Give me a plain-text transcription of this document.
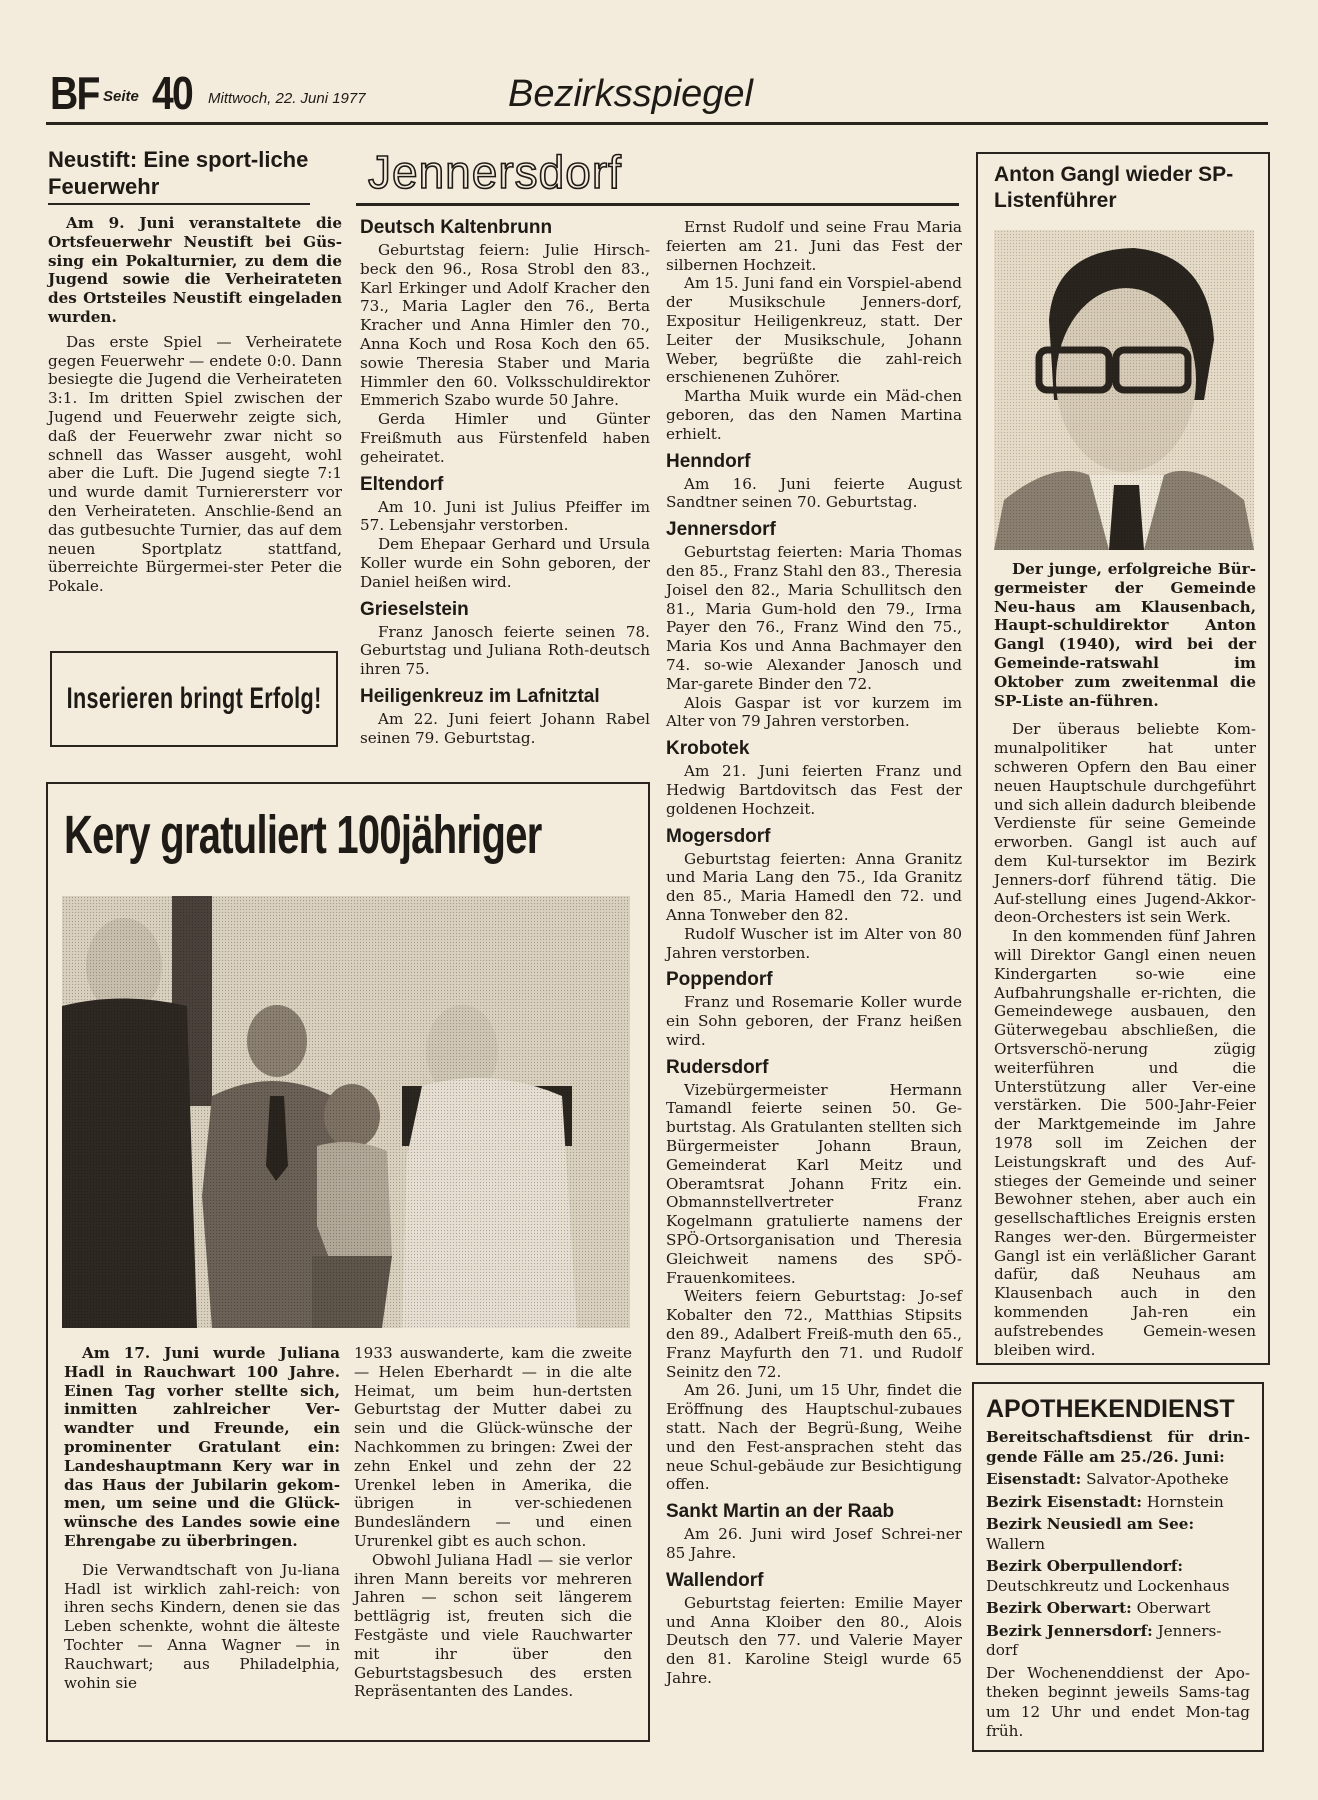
BF Seite 40 Mittwoch, 22. Juni 1977	Bezirksspiegel
Neustift: Eine sport-liche Feuerwehr

Am 9. Juni veranstaltete die Ortsfeuerwehr Neustift bei Güs-sing ein Pokalturnier, zu dem die Jugend sowie die Verheirateten des Ortsteiles Neustift eingeladen wurden.

Das erste Spiel — Verheiratete gegen Feuerwehr — endete 0:0. Dann besiegte die Jugend die Verheirateten 3:1. Im dritten Spiel zwischen der Jugend und Feuerwehr zeigte sich, daß der Feuerwehr zwar nicht so schnell das Wasser ausgeht, wohl aber die Luft. Die Jugend siegte 7:1 und wurde damit Turnierersterr vor den Verheirateten. Anschlie-ßend an das gutbesuchte Turnier, das auf dem neuen Sportplatz stattfand, überreichte Bürgermei-ster Peter die Pokale.

Inserieren bringt Erfolg!
Jennersdorf
Deutsch Kaltenbrunn

Geburtstag feiern: Julie Hirsch-beck den 96., Rosa Strobl den 83., Karl Erkinger und Adolf Kracher den 73., Maria Lagler den 76., Berta Kracher und Anna Himler den 70., Anna Koch und Rosa Koch den 65. sowie Theresia Staber und Maria Himmler den 60. Volksschuldirektor Emmerich Szabo wurde 50 Jahre.

Gerda Himler und Günter Freißmuth aus Fürstenfeld haben geheiratet.

Eltendorf

Am 10. Juni ist Julius Pfeiffer im 57. Lebensjahr verstorben.

Dem Ehepaar Gerhard und Ursula Koller wurde ein Sohn geboren, der Daniel heißen wird.

Grieselstein

Franz Janosch feierte seinen 78. Geburtstag und Juliana Roth-deutsch ihren 75.

Heiligenkreuz im Lafnitztal

Am 22. Juni feiert Johann Rabel seinen 79. Geburtstag.

Ernst Rudolf und seine Frau Maria feierten am 21. Juni das Fest der silbernen Hochzeit.

Am 15. Juni fand ein Vorspiel-abend der Musikschule Jenners-dorf, Expositur Heiligenkreuz, statt. Der Leiter der Musikschule, Johann Weber, begrüßte die zahl-reich erschienenen Zuhörer.

Martha Muik wurde ein Mäd-chen geboren, das den Namen Martina erhielt.

Henndorf

Am 16. Juni feierte August Sandtner seinen 70. Geburtstag.

Jennersdorf

Geburtstag feierten: Maria Thomas den 85., Franz Stahl den 83., Theresia Joisel den 82., Maria Schullitsch den 81., Maria Gum-hold den 79., Irma Payer den 76., Franz Wind den 75., Maria Kos und Anna Bachmayer den 74. so-wie Alexander Janosch und Mar-garete Binder den 72.

Alois Gaspar ist vor kurzem im Alter von 79 Jahren verstorben.

Krobotek

Am 21. Juni feierten Franz und Hedwig Bartdovitsch das Fest der goldenen Hochzeit.

Mogersdorf

Geburtstag feierten: Anna Granitz und Maria Lang den 75., Ida Granitz den 85., Maria Hamedl den 72. und Anna Tonweber den 82.

Rudolf Wuscher ist im Alter von 80 Jahren verstorben.

Poppendorf

Franz und Rosemarie Koller wurde ein Sohn geboren, der Franz heißen wird.

Rudersdorf

Vizebürgermeister Hermann Tamandl feierte seinen 50. Ge-burtstag. Als Gratulanten stellten sich Bürgermeister Johann Braun, Gemeinderat Karl Meitz und Oberamtsrat Johann Fritz ein. Obmannstellvertreter Franz Kogelmann gratulierte namens der SPÖ-Ortsorganisation und Theresia Gleichweit namens des SPÖ-Frauenkomitees.

Weiters feiern Geburtstag: Jo-sef Kobalter den 72., Matthias Stipsits den 89., Adalbert Freiß-muth den 65., Franz Mayfurth den 71. und Rudolf Seinitz den 72.

Am 26. Juni, um 15 Uhr, findet die Eröffnung des Hauptschul-zubaues statt. Nach der Begrü-ßung, Weihe und den Fest-ansprachen steht das neue Schul-gebäude zur Besichtigung offen.

Sankt Martin an der Raab

Am 26. Juni wird Josef Schrei-ner 85 Jahre.

Wallendorf

Geburtstag feierten: Emilie Mayer und Anna Kloiber den 80., Alois Deutsch den 77. und Valerie Mayer den 81. Karoline Steigl wurde 65 Jahre.

Kery gratuliert 100jähriger

Am 17. Juni wurde Juliana Hadl in Rauchwart 100 Jahre. Einen Tag vorher stellte sich, inmitten zahlreicher Ver-wandter und Freunde, ein prominenter Gratulant ein: Landeshauptmann Kery war in das Haus der Jubilarin gekom-men, um seine und die Glück-wünsche des Landes sowie eine Ehrengabe zu überbringen.

Die Verwandtschaft von Ju-liana Hadl ist wirklich zahl-reich: von ihren sechs Kindern, denen sie das Leben schenkte, wohnt die älteste Tochter — Anna Wagner — in Rauchwart; aus Philadelphia, wohin sie

1933 auswanderte, kam die zweite — Helen Eberhardt — in die alte Heimat, um beim hun-dertsten Geburtstag der Mutter dabei zu sein und die Glück-wünsche der Nachkommen zu bringen: Zwei der zehn Enkel und zehn der 22 Urenkel leben in Amerika, die übrigen in ver-schiedenen Bundesländern — und einen Ururenkel gibt es auch schon.

Obwohl Juliana Hadl — sie verlor ihren Mann bereits vor mehreren Jahren — schon seit längerem bettlägrig ist, freuten sich die Festgäste und viele Rauchwarter mit ihr über den Geburtstagsbesuch des ersten Repräsentanten des Landes.

Anton Gangl wieder SP-Listenführer

Der junge, erfolgreiche Bür-germeister der Gemeinde Neu-haus am Klausenbach, Haupt-schuldirektor Anton Gangl (1940), wird bei der Gemeinde-ratswahl im Oktober zum zweitenmal die SP-Liste an-führen.

Der überaus beliebte Kom-munalpolitiker hat unter schweren Opfern den Bau einer neuen Hauptschule durchgeführt und sich allein dadurch bleibende Verdienste für seine Gemeinde erworben. Gangl ist auch auf dem Kul-tursektor im Bezirk Jenners-dorf führend tätig. Die Auf-stellung eines Jugend-Akkor-deon-Orchesters ist sein Werk.

In den kommenden fünf Jahren will Direktor Gangl einen neuen Kindergarten so-wie eine Aufbahrungshalle er-richten, die Gemeindewege ausbauen, den Güterwegebau abschließen, die Ortsverschö-nerung zügig weiterführen und die Unterstützung aller Ver-eine verstärken. Die 500-Jahr-Feier der Marktgemeinde im Jahre 1978 soll im Zeichen der Leistungskraft und des Auf-stieges der Gemeinde und seiner Bewohner stehen, aber auch ein gesellschaftliches Ereignis ersten Ranges wer-den. Bürgermeister Gangl ist ein verläßlicher Garant dafür, daß Neuhaus am Klausenbach auch in den kommenden Jah-ren ein aufstrebendes Gemein-wesen bleiben wird.

APOTHEKENDIENST
Bereitschaftsdienst für drin-gende Fälle am 25./26. Juni:
Eisenstadt: Salvator-Apotheke
Bezirk Eisenstadt: Hornstein
Bezirk Neusiedl am See: Wallern
Bezirk Oberpullendorf: Deutschkreutz und Lockenhaus
Bezirk Oberwart: Oberwart
Bezirk Jennersdorf: Jenners-dorf
Der Wochenenddienst der Apo-theken beginnt jeweils Sams-tag um 12 Uhr und endet Mon-tag früh.
